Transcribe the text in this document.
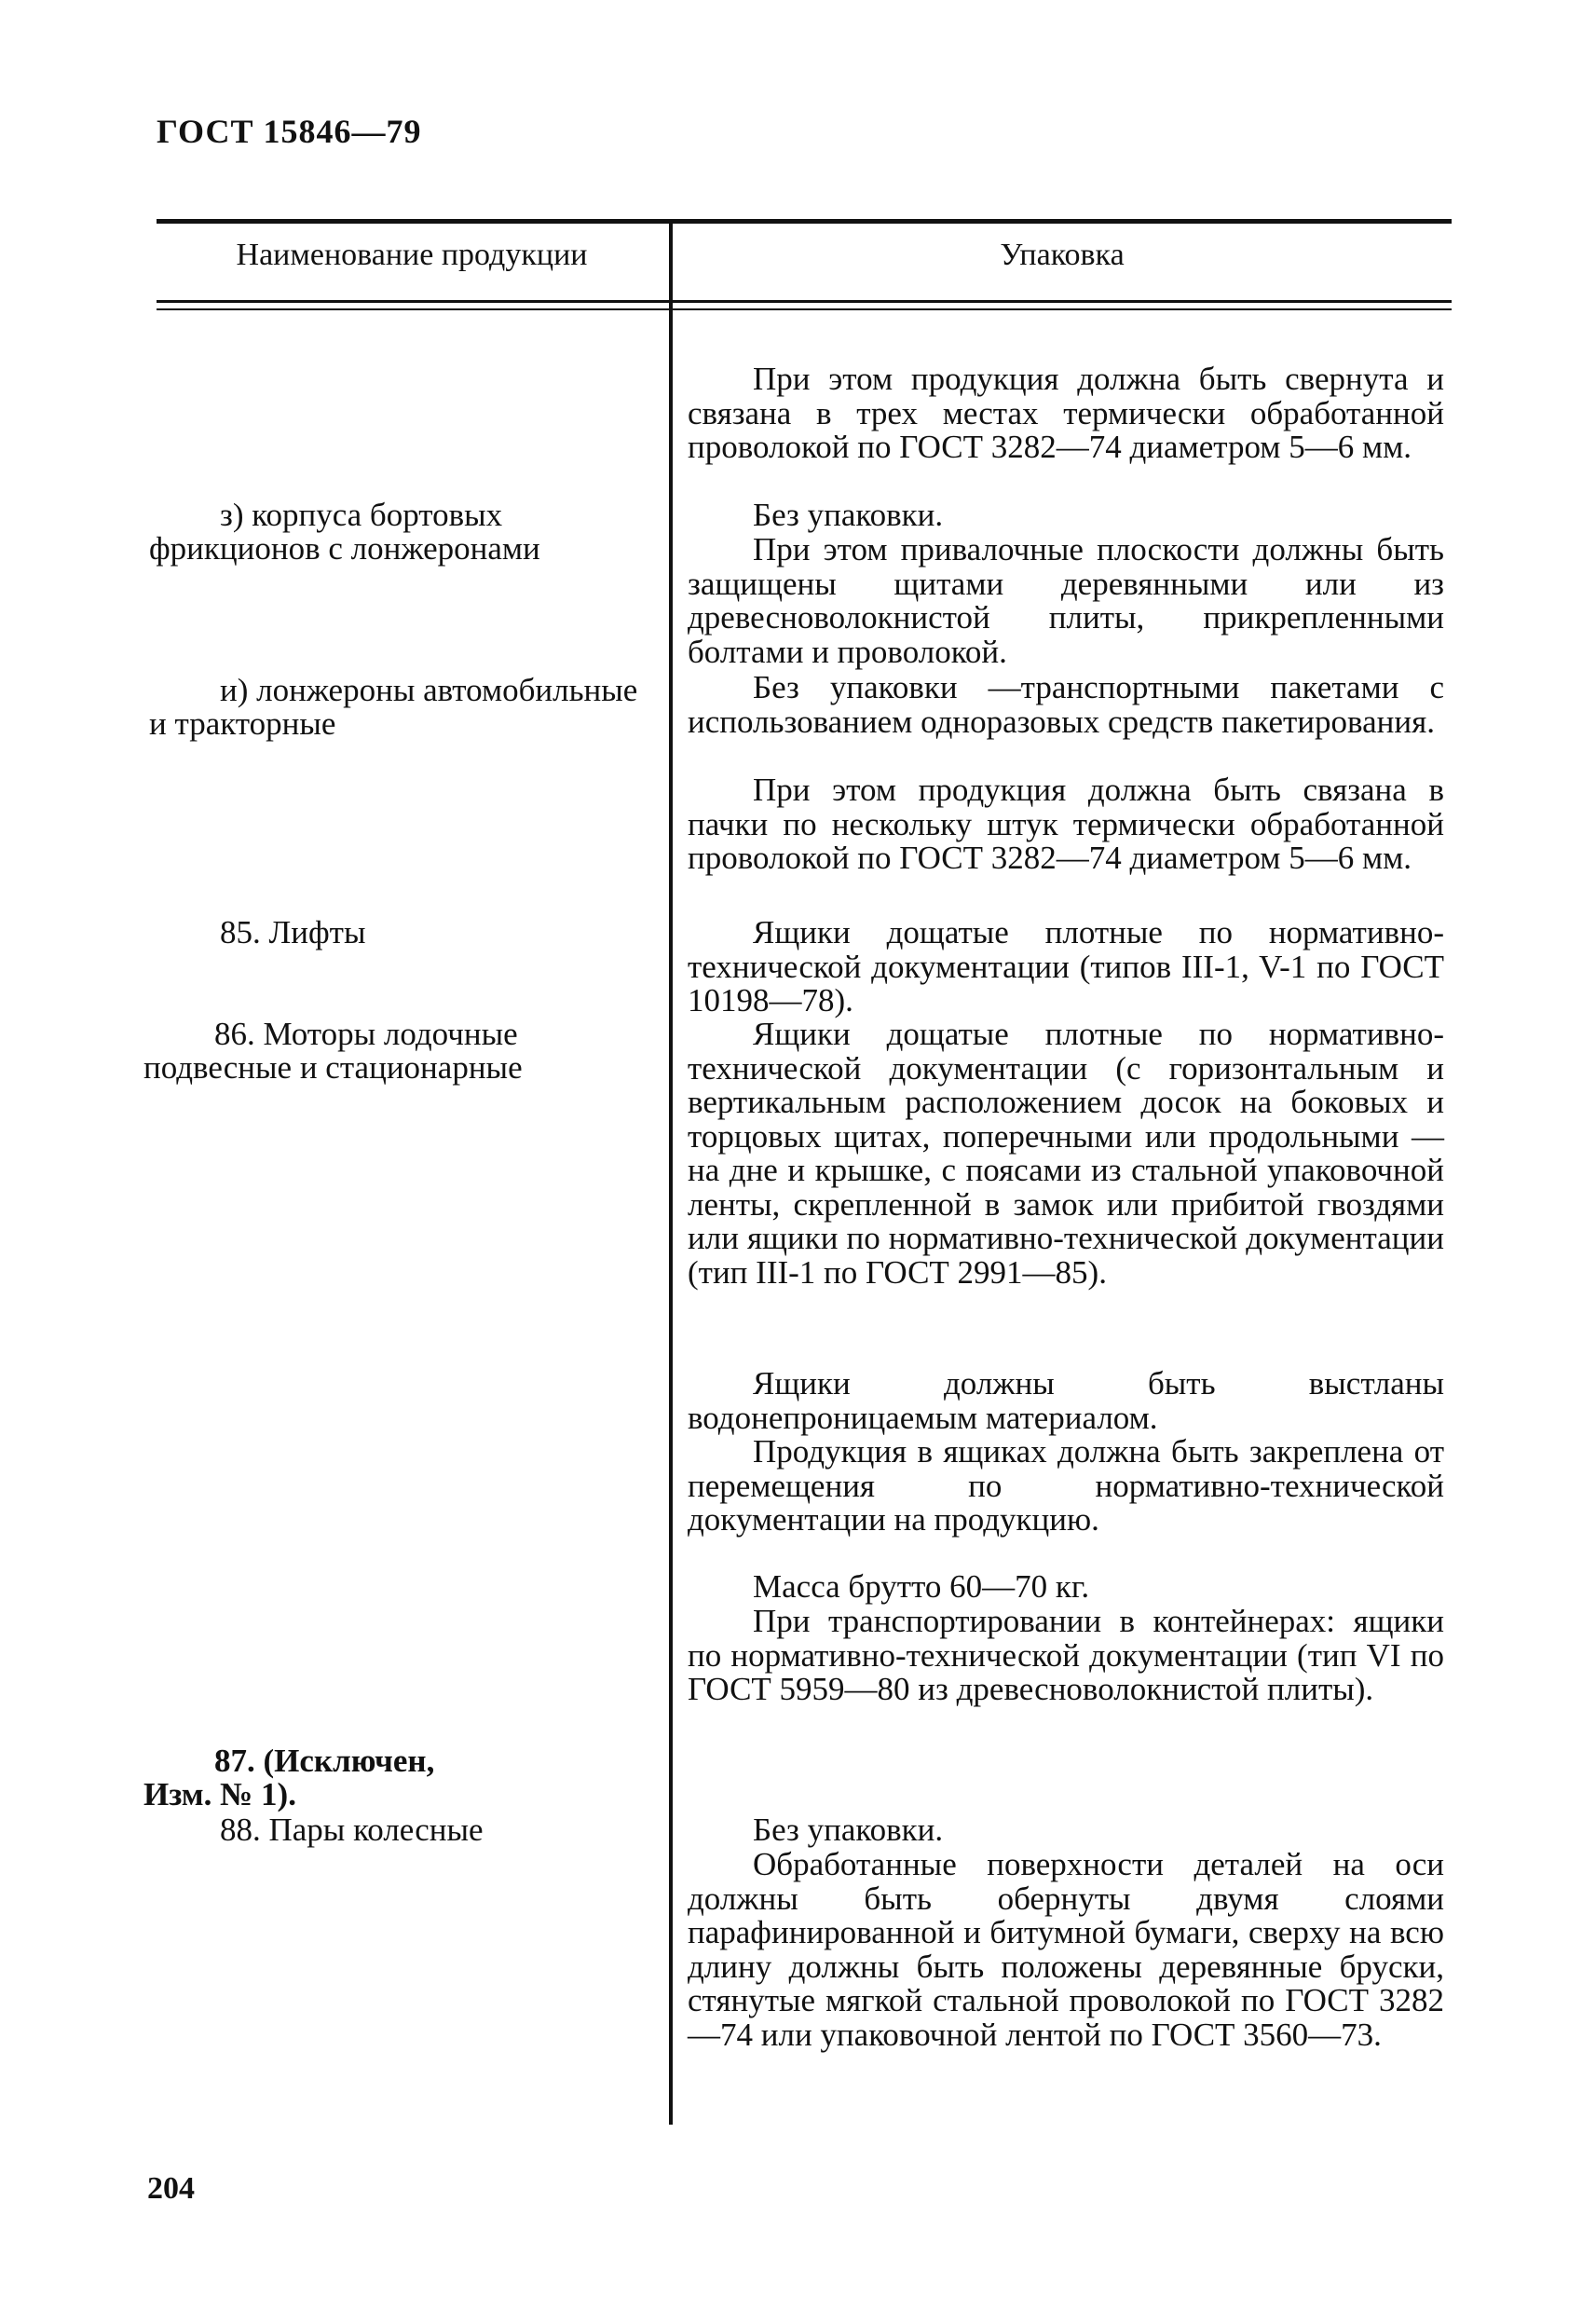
ГОСТ 15846—79
Наименование продукции	Упаковка

з) корпуса бортовых фрикционов с лонжеронами

и) лонжероны автомобильные и тракторные

85. Лифты

86. Моторы лодочные подвесные и стационарные

87. (Исключен, Изм. № 1).

88. Пары колесные

При этом продукция должна быть свернута и связана в трех местах термически обработанной проволокой по ГОСТ 3282—74 диаметром 5—6 мм.

Без упаковки.

При этом привалочные плоскости должны быть защищены щитами деревянными или из древесноволокнистой плиты, прикрепленными болтами и проволокой.

Без упаковки —транспортными пакетами с использованием одноразовых средств пакетирования.

При этом продукция должна быть связана в пачки по нескольку штук термически обработанной проволокой по ГОСТ 3282—74 диаметром 5—6 мм.

Ящики дощатые плотные по нормативно-технической документации (типов III-1, V-1 по ГОСТ 10198—78).

Ящики дощатые плотные по нормативно-технической документации (с горизонтальным и вертикальным расположением досок на боковых и торцовых щитах, поперечными или продольными — на дне и крышке, с поясами из стальной упаковочной ленты, скрепленной в замок или прибитой гвоздями или ящики по нормативно-технической документации (тип III-1 по ГОСТ 2991—85).

Ящики должны быть выстланы водонепроницаемым материалом.

Продукция в ящиках должна быть закреплена от перемещения по нормативно-технической документации на продукцию.

Масса брутто 60—70 кг.

При транспортировании в контейнерах: ящики по нормативно-технической документации (тип VI по ГОСТ 5959—80 из древесноволокнистой плиты).

Без упаковки.

Обработанные поверхности деталей на оси должны быть обернуты двумя слоями парафинированной и битумной бумаги, сверху на всю длину должны быть положены деревянные бруски, стянутые мягкой стальной проволокой по ГОСТ 3282—74 или упаковочной лентой по ГОСТ 3560—73.

204
